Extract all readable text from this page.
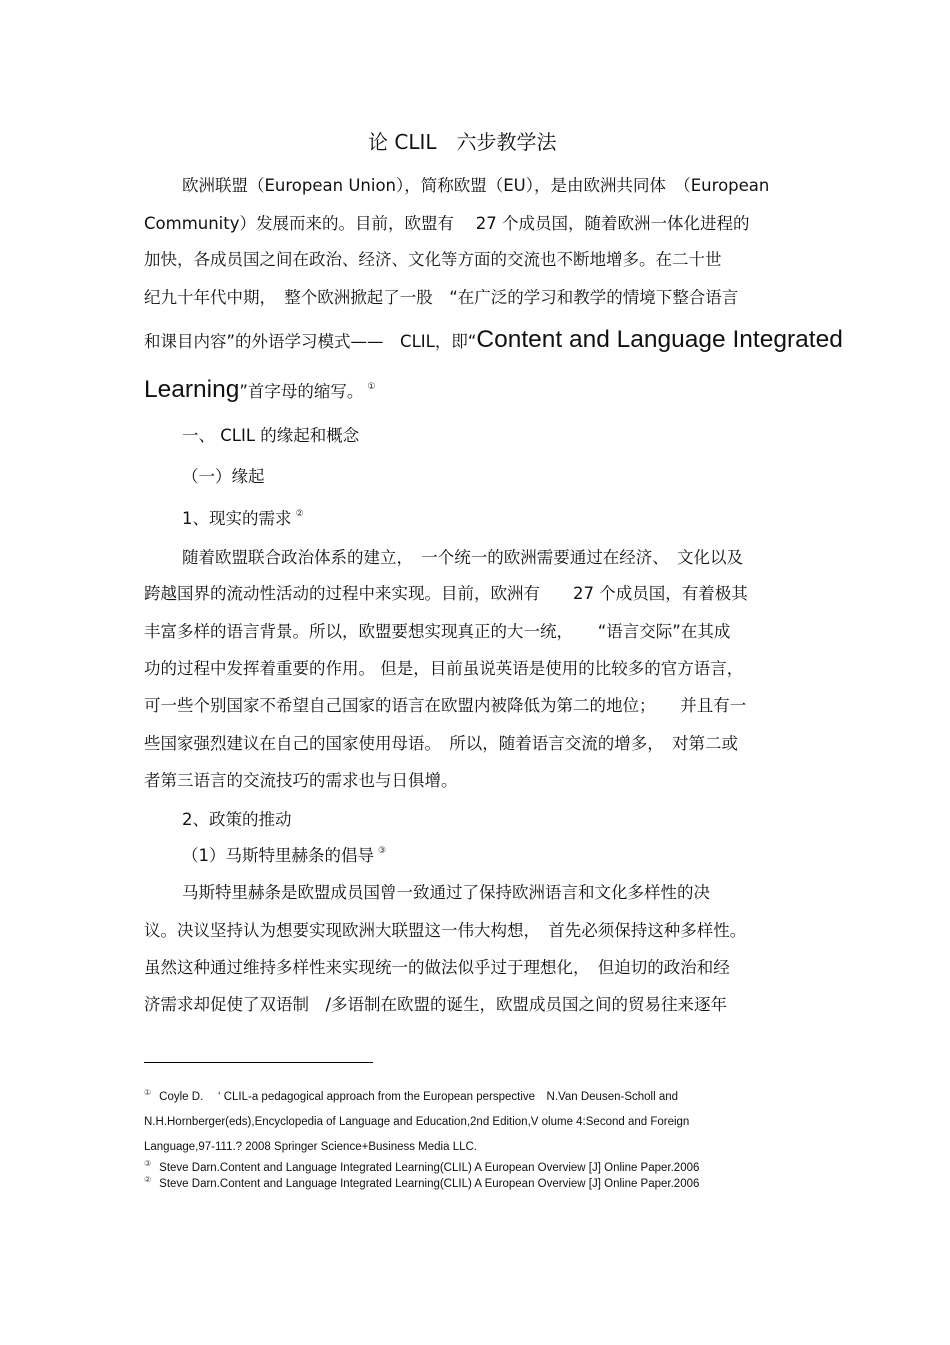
论 CLIL　六步教学法
欧洲联盟（European Union），简称欧盟（EU），是由欧洲共同体　（European
Community）发展而来的。目前，欧盟有　 27 个成员国，随着欧洲一体化进程的
加快，各成员国之间在政治、经济、文化等方面的交流也不断地增多。在二十世
纪九十年代中期，　整个欧洲掀起了一股　“在广泛的学习和教学的情境下整合语言
和课目内容”的外语学习模式——　CLIL，即“Content and Language Integrated
Learning”首字母的缩写。 ①
一、 CLIL 的缘起和概念
（一）缘起
1、现实的需求 ②
随着欧盟联合政治体系的建立，　一个统一的欧洲需要通过在经济、　文化以及
跨越国界的流动性活动的过程中来实现。目前，欧洲有　　27 个成员国，有着极其
丰富多样的语言背景。所以，欧盟要想实现真正的大一统，　　“语言交际”在其成
功的过程中发挥着重要的作用。 但是，目前虽说英语是使用的比较多的官方语言，
可一些个别国家不希望自己国家的语言在欧盟内被降低为第二的地位；　　并且有一
些国家强烈建议在自己的国家使用母语。　所以，随着语言交流的增多，　对第二或
者第三语言的交流技巧的需求也与日俱增。
2、政策的推动
（1）马斯特里赫条的倡导 ③
马斯特里赫条是欧盟成员国曾一致通过了保持欧洲语言和文化多样性的决
议。决议坚持认为想要实现欧洲大联盟这一伟大构想，　首先必须保持这种多样性。
虽然这种通过维持多样性来实现统一的做法似乎过于理想化，　但迫切的政治和经
济需求却促使了双语制　/多语制在欧盟的诞生，欧盟成员国之间的贸易往来逐年
① Coyle D.　 ‘ CLIL-a pedagogical approach from the European perspective　N.Van Deusen-Scholl and
N.H.Hornberger(eds),Encyclopedia of Language and Education,2nd Edition,V olume 4:Second and Foreign
Language,97-111.? 2008 Springer Science+Business Media LLC.
③ Steve Darn.Content and Language Integrated Learning(CLIL) A European Overview [J] Online Paper.2006
② Steve Darn.Content and Language Integrated Learning(CLIL) A European Overview [J] Online Paper.2006
